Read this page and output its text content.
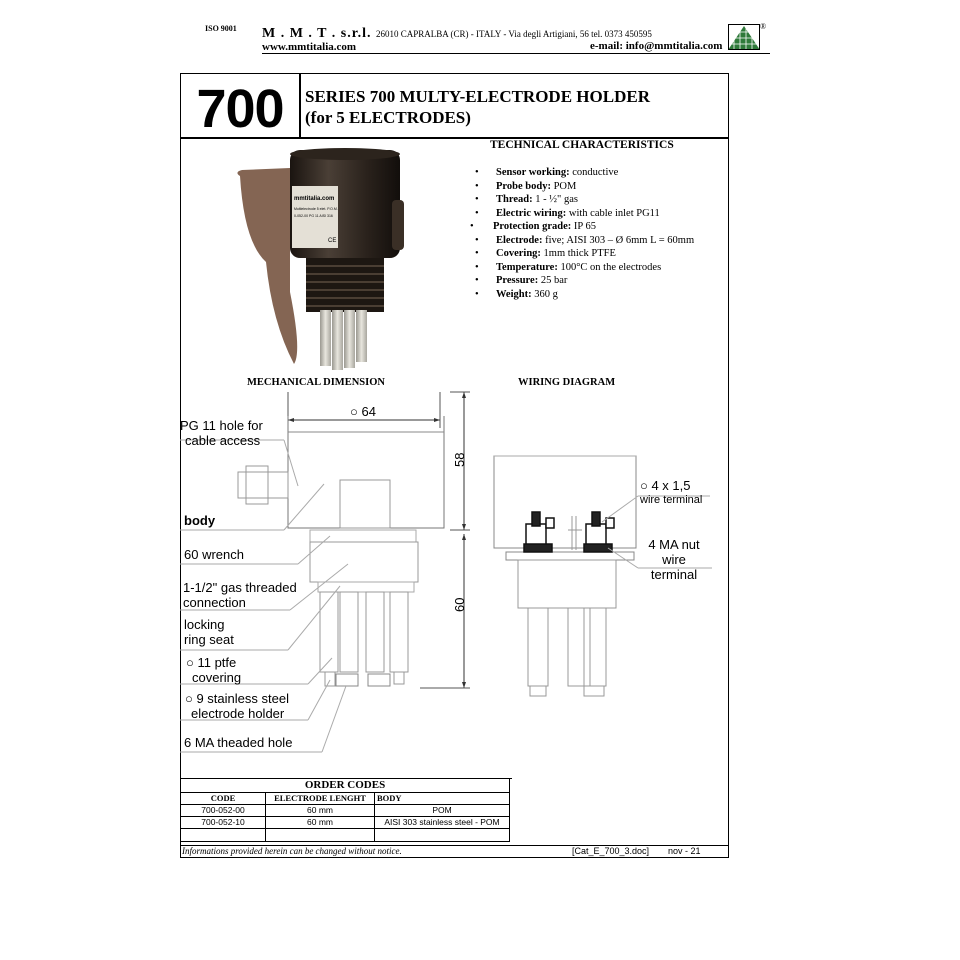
ISO 9001 M . M . T . s.r.l. 26010 CAPRALBA (CR) - ITALY - Via degli Artigiani, 56 tel. 0373 450595
www.mmtitalia.com	e-mail: info@mmtitalia.com
®
700	SERIES 700 MULTY-ELECTRODE HOLDER
(for 5 ELECTRODES)
mmtitalia.com
Multielectrode 5 elet. P.O.M.
0-052-00 PG 11 AISI 316
CE
TECHNICAL CHARACTERISTICS
• Sensor working: conductive
• Probe body: POM
• Thread: 1 - ½" gas
• Electric wiring: with cable inlet PG11
• Protection grade: IP 65
• Electrode: five; AISI 303 – Ø 6mm L = 60mm
• Covering: 1mm thick PTFE
• Temperature: 100°C on the electrodes
• Pressure: 25 bar
• Weight: 360 g
MECHANICAL DIMENSION	WIRING DIAGRAM
○ 64
58
60
PG 11 hole for
cable access
body
60 wrench
1-1/2" gas threaded
connection
locking
ring seat
○ 11 ptfe
covering
○ 9 stainless steel
electrode holder
6 MA theaded hole
○ 4 x 1,5
wire terminal
4 MA nut
wire terminal
ORDER CODES		
CODE	ELECTRODE LENGHT	BODY
700-052-00	60 mm	POM
700-052-10	60 mm	AISI 303 stainless steel - POM

Informations provided herein can be changed without notice.	[Cat_E_700_3.doc] nov - 21
